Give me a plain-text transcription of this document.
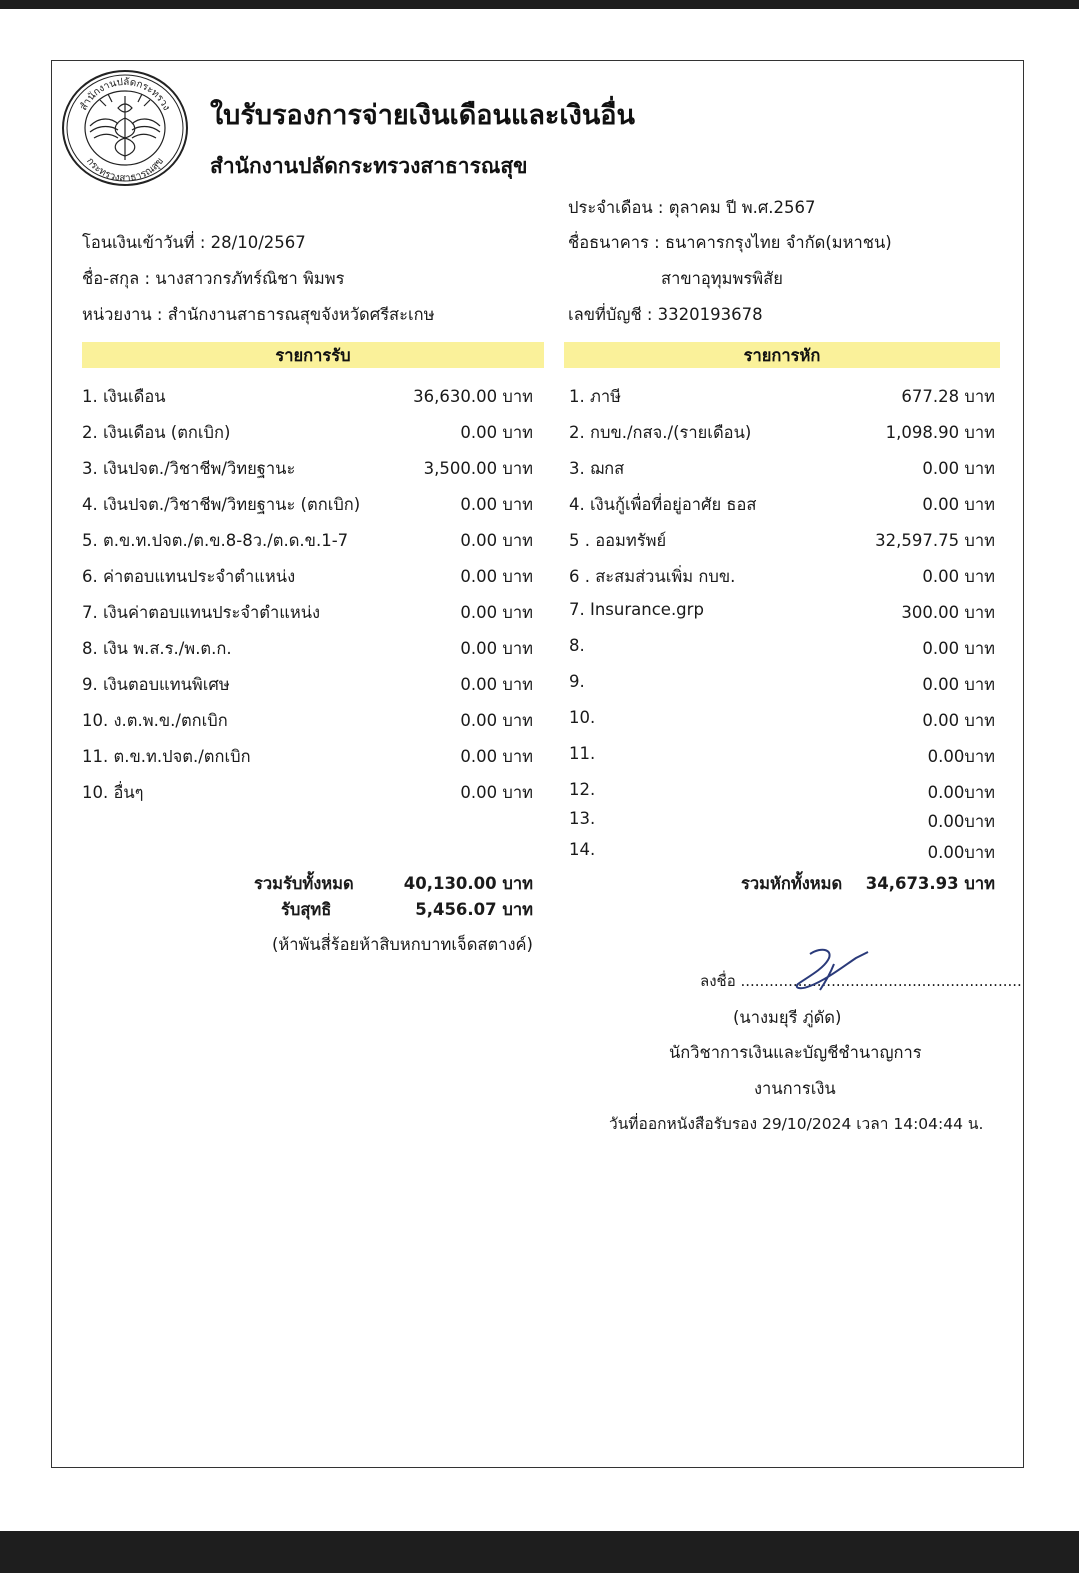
สำนักงานปลัดกระทรวง
กระทรวงสาธารณสุข
ใบรับรองการจ่ายเงินเดือนและเงินอื่น
สำนักงานปลัดกระทรวงสาธารณสุข
ประจำเดือน : ตุลาคม ปี พ.ศ.2567
โอนเงินเข้าวันที่ : 28/10/2567	ชื่อธนาคาร : ธนาคารกรุงไทย จำกัด(มหาชน)
ชื่อ-สกุล : นางสาวกรภัทร์ณิชา พิมพร	สาขาอุทุมพรพิสัย
หน่วยงาน : สำนักงานสาธารณสุขจังหวัดศรีสะเกษ	เลขที่บัญชี : 3320193678
รายการรับ	รายการหัก
1. เงินเดือน	36,630.00 บาท
2. เงินเดือน (ตกเบิก)	0.00 บาท
3. เงินปจต./วิชาชีพ/วิทยฐานะ	3,500.00 บาท
4. เงินปจต./วิชาชีพ/วิทยฐานะ (ตกเบิก)	0.00 บาท
5. ต.ข.ท.ปจต./ต.ข.8-8ว./ต.ด.ข.1-7	0.00 บาท
6. ค่าตอบแทนประจำตำแหน่ง	0.00 บาท
7. เงินค่าตอบแทนประจำตำแหน่ง	0.00 บาท
8. เงิน พ.ส.ร./พ.ต.ก.	0.00 บาท
9. เงินตอบแทนพิเศษ	0.00 บาท
10. ง.ต.พ.ข./ตกเบิก	0.00 บาท
11. ต.ข.ท.ปจต./ตกเบิก	0.00 บาท
10. อื่นๆ	0.00 บาท
1. ภาษี	677.28 บาท
2. กบข./กสจ./(รายเดือน)	1,098.90 บาท
3. ฌกส	0.00 บาท
4. เงินกู้เพื่อที่อยู่อาศัย ธอส	0.00 บาท
5 . ออมทรัพย์	32,597.75 บาท
6 . สะสมส่วนเพิ่ม กบข.	0.00 บาท
7. Insurance.grp	300.00 บาท
8.	0.00 บาท
9.	0.00 บาท
10.	0.00 บาท
11.	0.00บาท
12.	0.00บาท
13.	0.00บาท
14.	0.00บาท
รวมรับทั้งหมด	40,130.00 บาท
รับสุทธิ	5,456.07 บาท
(ห้าพันสี่ร้อยห้าสิบหกบาทเจ็ดสตางค์)
รวมหักทั้งหมด 34,673.93 บาท
ลงชื่อ ...........................................................
(นางมยุรี ภู่ดัด)
นักวิชาการเงินและบัญชีชำนาญการ
งานการเงิน
วันที่ออกหนังสือรับรอง 29/10/2024 เวลา 14:04:44 น.
